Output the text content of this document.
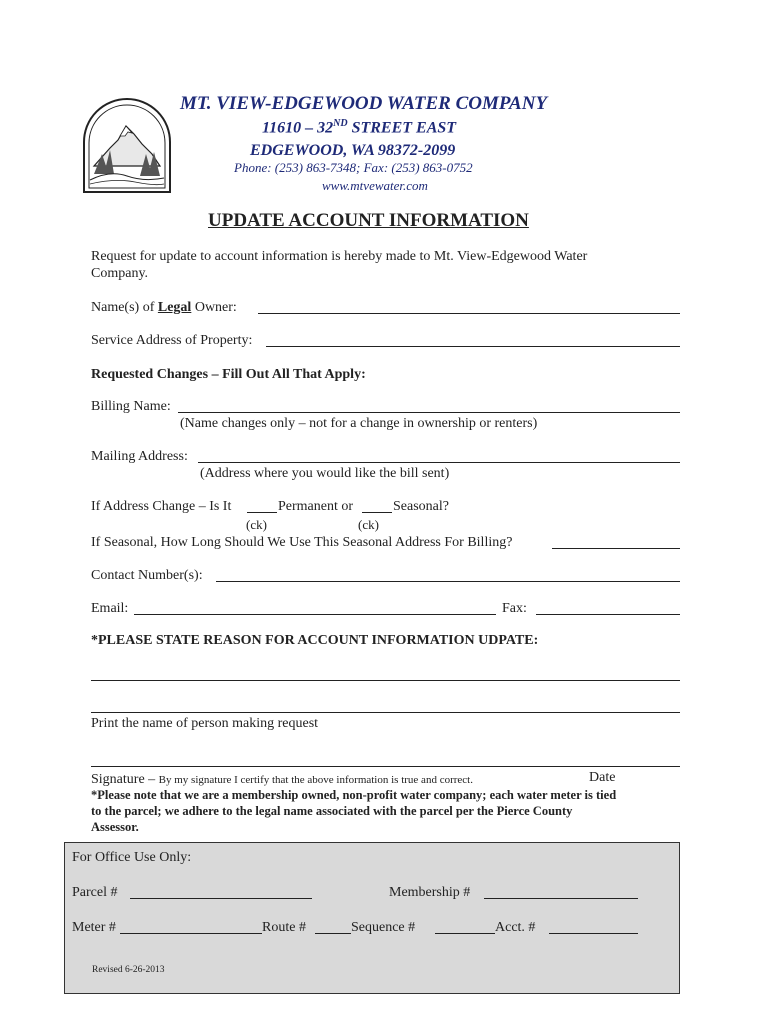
MT. VIEW-EDGEWOOD WATER COMPANY
11610 – 32ND STREET EAST
EDGEWOOD, WA 98372-2099
Phone: (253) 863-7348; Fax: (253) 863-0752
www.mtvewater.com
UPDATE ACCOUNT INFORMATION
Request for update to account information is hereby made to Mt. View-Edgewood Water
Company.
Name(s) of Legal Owner:
Service Address of Property:
Requested Changes – Fill Out All That Apply:
Billing Name:
(Name changes only – not for a change in ownership or renters)
Mailing Address:
(Address where you would like the bill sent)
If Address Change – Is It	Permanent or	Seasonal?
(ck)	(ck)
If Seasonal, How Long Should We Use This Seasonal Address For Billing?
Contact Number(s):
Email:	Fax:
*PLEASE STATE REASON FOR ACCOUNT INFORMATION UDPATE:
Print the name of person making request
Signature – By my signature I certify that the above information is true and correct.	Date
*Please note that we are a membership owned, non-profit water company; each water meter is tied
to the parcel; we adhere to the legal name associated with the parcel per the Pierce County
Assessor.
For Office Use Only:
Parcel #	Membership #
Meter #	Route #	Sequence #	Acct. #
Revised 6-26-2013
